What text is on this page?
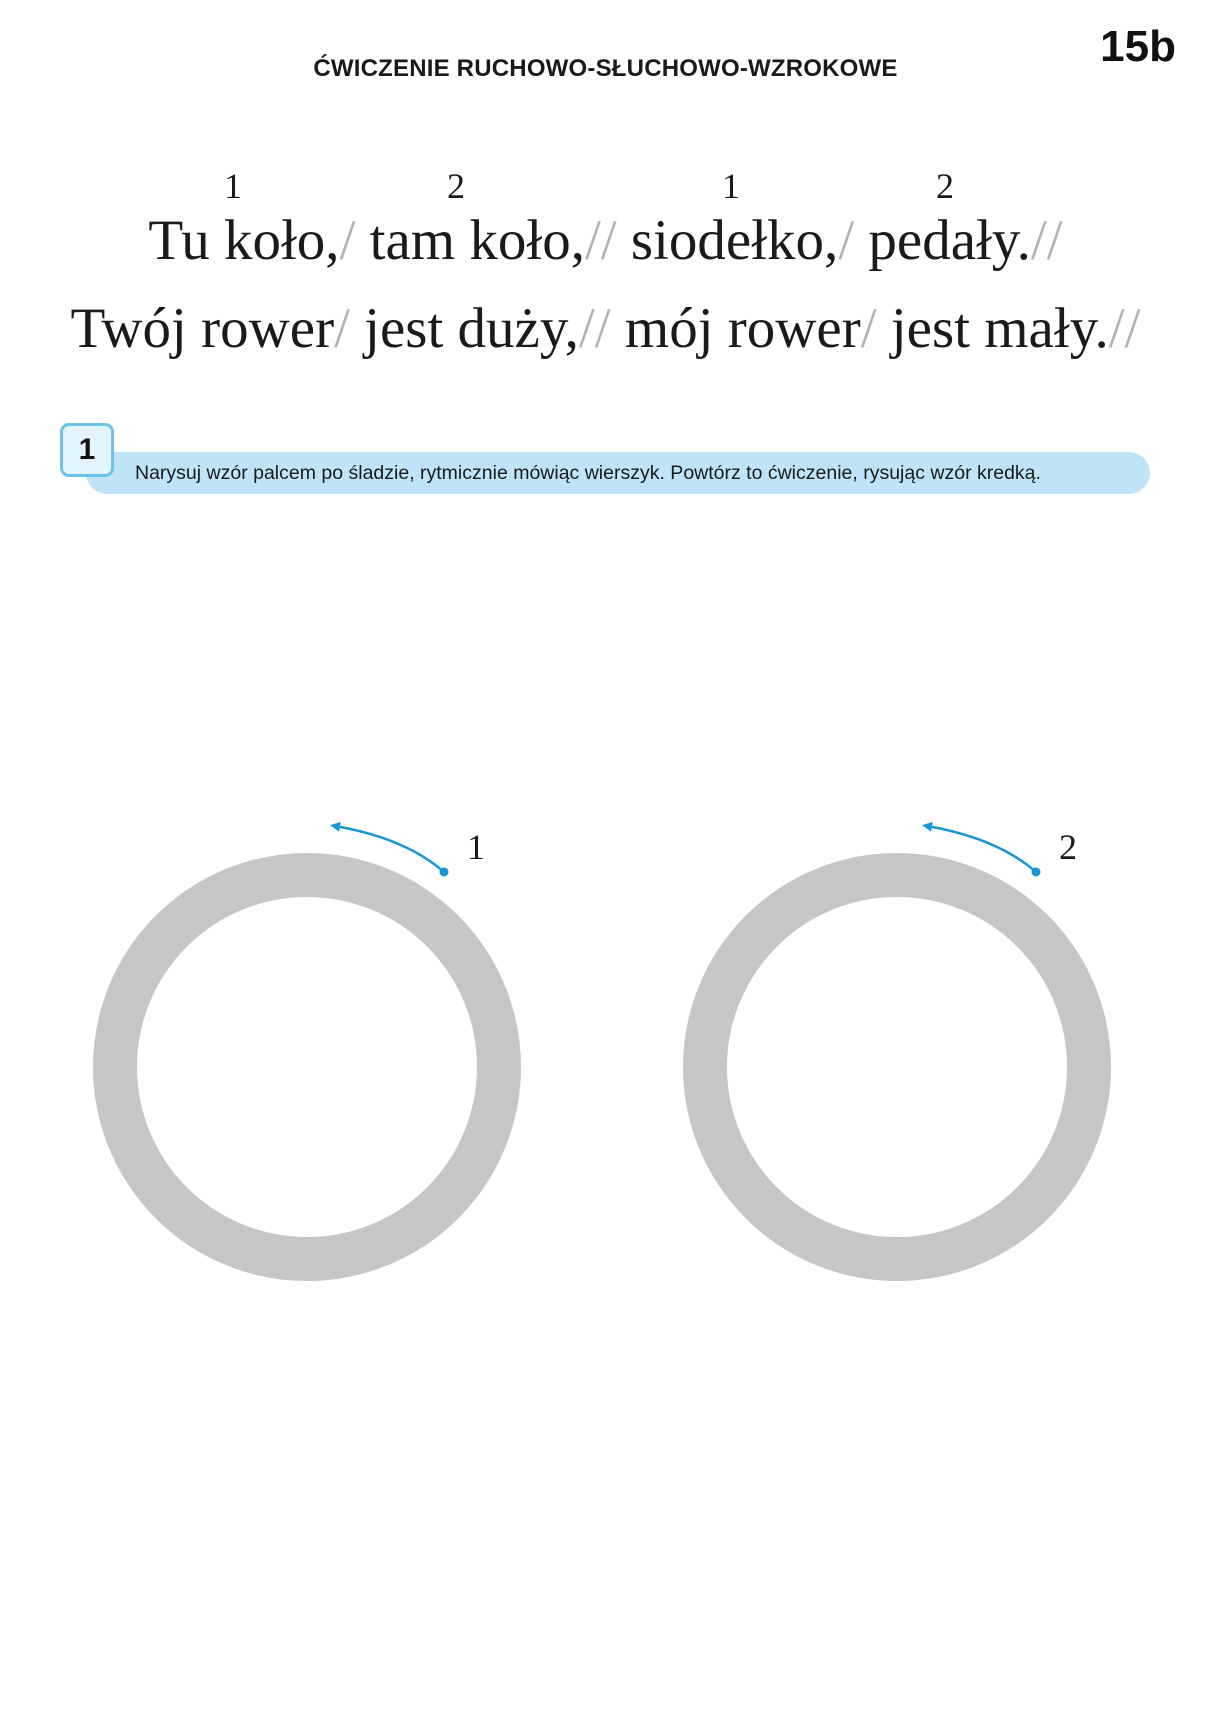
ĆWICZENIE RUCHOWO-SŁUCHOWO-WZROKOWE	15b
1	2	1	2
Tu koło,/ tam koło,// siodełko,/ pedały.//
Twój rower/ jest duży,// mój rower/ jest mały.//
1
Narysuj wzór palcem po śladzie, rytmicznie mówiąc wierszyk. Powtórz to ćwiczenie, rysując wzór kredką.
1	2
